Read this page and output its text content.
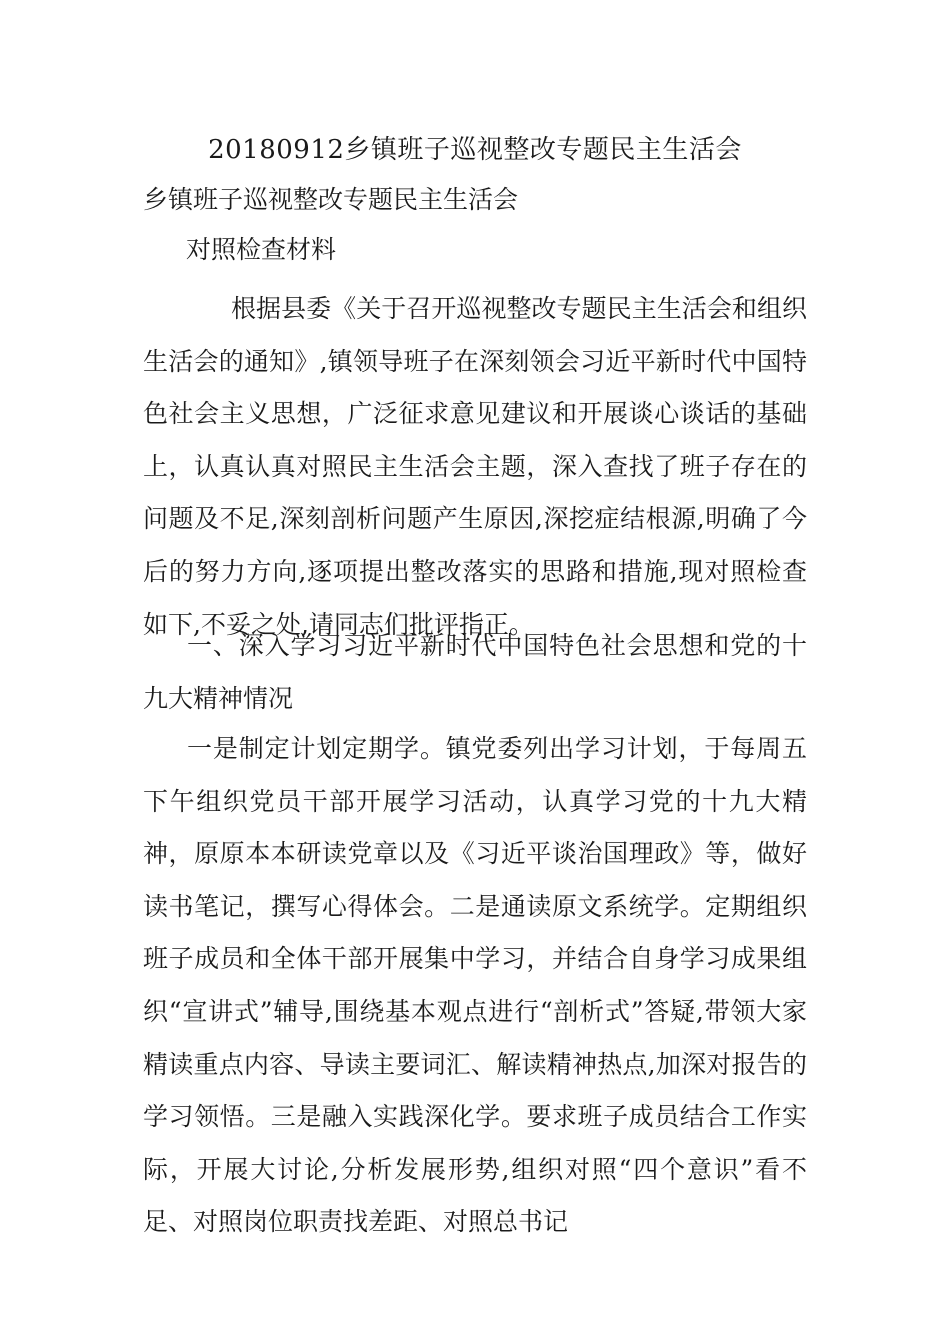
20180912乡镇班子巡视整改专题民主生活会
乡镇班子巡视整改专题民主生活会
对照检查材料

根据县委《关于召开巡视整改专题民主生活会和组织生活会的通知》,镇领导班子在深刻领会习近平新时代中国特色社会主义思想，广泛征求意见建议和开展谈心谈话的基础上，认真认真对照民主生活会主题，深入查找了班子存在的问题及不足,深刻剖析问题产生原因,深挖症结根源,明确了今后的努力方向,逐项提出整改落实的思路和措施,现对照检查如下,不妥之处,请同志们批评指正。

一、深入学习习近平新时代中国特色社会思想和党的十九大精神情况

一是制定计划定期学。镇党委列出学习计划，于每周五下午组织党员干部开展学习活动，认真学习党的十九大精神，原原本本研读党章以及《习近平谈治国理政》等，做好读书笔记，撰写心得体会。二是通读原文系统学。定期组织班子成员和全体干部开展集中学习，并结合自身学习成果组织“宣讲式”辅导,围绕基本观点进行“剖析式”答疑,带领大家精读重点内容、导读主要词汇、解读精神热点,加深对报告的学习领悟。三是融入实践深化学。要求班子成员结合工作实际，开展大讨论,分析发展形势,组织对照“四个意识”看不足、对照岗位职责找差距、对照总书记
